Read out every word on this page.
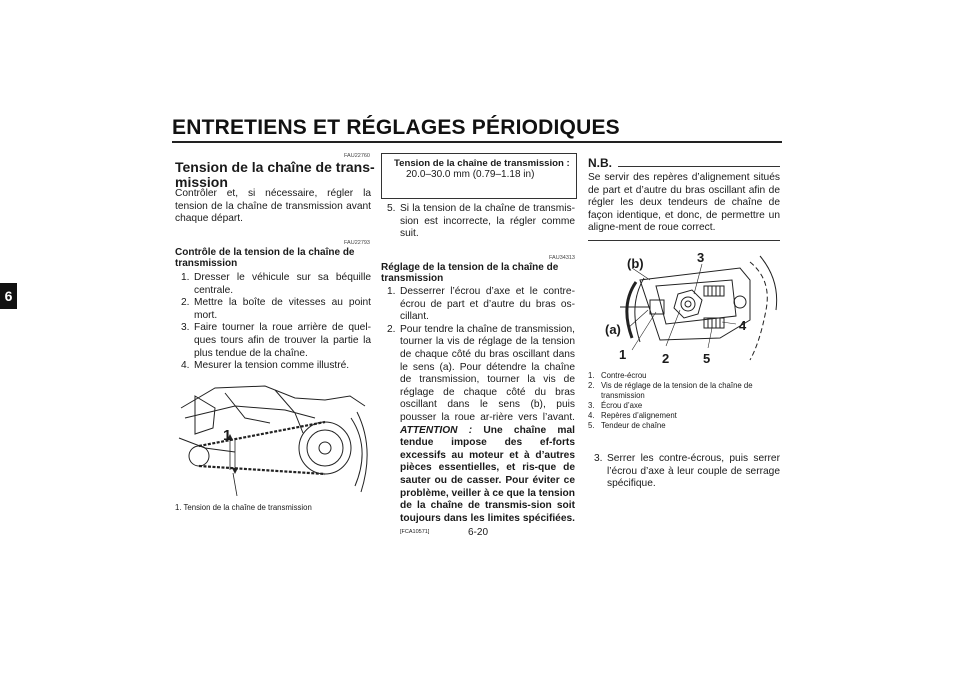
ENTRETIENS ET RÉGLAGES PÉRIODIQUES
6
FAU22760
Tension de la chaîne de trans-
mission
Contrôler et, si nécessaire, régler la tension de la chaîne de transmission avant chaque départ.
FAU22793
Contrôle de la tension de la chaîne de transmission
1. Dresser le véhicule sur sa béquille centrale.
2. Mettre la boîte de vitesses au point mort.
3. Faire tourner la roue arrière de quel-ques tours afin de trouver la partie la plus tendue de la chaîne.
4. Mesurer la tension comme illustré.
1
1. Tension de la chaîne de transmission
Tension de la chaîne de transmission :
20.0–30.0 mm (0.79–1.18 in)
5. Si la tension de la chaîne de transmis-sion est incorrecte, la régler comme suit.
FAU34313
Réglage de la tension de la chaîne de transmission
1. Desserrer l’écrou d’axe et le contre-écrou de part et d’autre du bras os-cillant.
2. Pour tendre la chaîne de transmission, tourner la vis de réglage de la tension de chaque côté du bras oscillant dans le sens (a). Pour détendre la chaîne de transmission, tourner la vis de réglage de chaque côté du bras oscillant dans le sens (b), puis pousser la roue ar-rière vers l’avant. ATTENTION : Une chaîne mal tendue impose des ef-forts excessifs au moteur et à d’autres pièces essentielles, et ris-que de sauter ou de casser. Pour éviter ce problème, veiller à ce que la tension de la chaîne de transmis-sion soit toujours dans les limites spécifiées. [FCA10571]
N.B.
Se servir des repères d’alignement situés de part et d’autre du bras oscillant afin de régler les deux tendeurs de chaîne de façon identique, et donc, de permettre un aligne-ment de roue correct.
(b)
(a)
1	2
3
4
5
1. Contre-écrou
2. Vis de réglage de la tension de la chaîne de transmission
3. Écrou d’axe
4. Repères d’alignement
5. Tendeur de chaîne
3. Serrer les contre-écrous, puis serrer l’écrou d’axe à leur couple de serrage spécifique.
6-20
